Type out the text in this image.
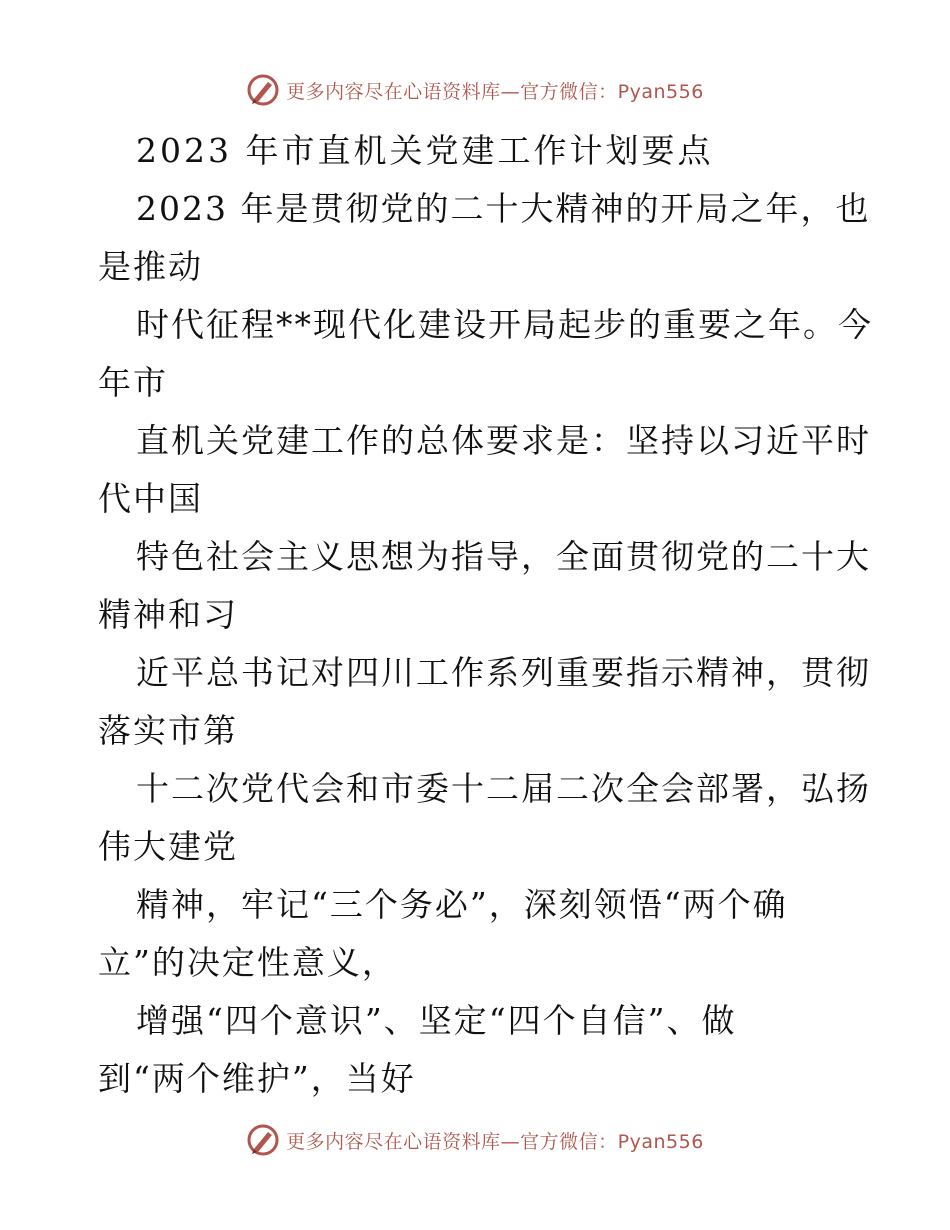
更多内容尽在心语资料库—官方微信：Pyan556
2023 年市直机关党建工作计划要点
2023 年是贯彻党的二十大精神的开局之年，也
是推动
时代征程**现代化建设开局起步的重要之年。今
年市
直机关党建工作的总体要求是：坚持以习近平时
代中国
特色社会主义思想为指导，全面贯彻党的二十大
精神和习
近平总书记对四川工作系列重要指示精神，贯彻
落实市第
十二次党代会和市委十二届二次全会部署，弘扬
伟大建党
精神，牢记“三个务必”，深刻领悟“两个确
立”的决定性意义，
增强“四个意识”、坚定“四个自信”、做
到“两个维护”，当好
更多内容尽在心语资料库—官方微信：Pyan556
